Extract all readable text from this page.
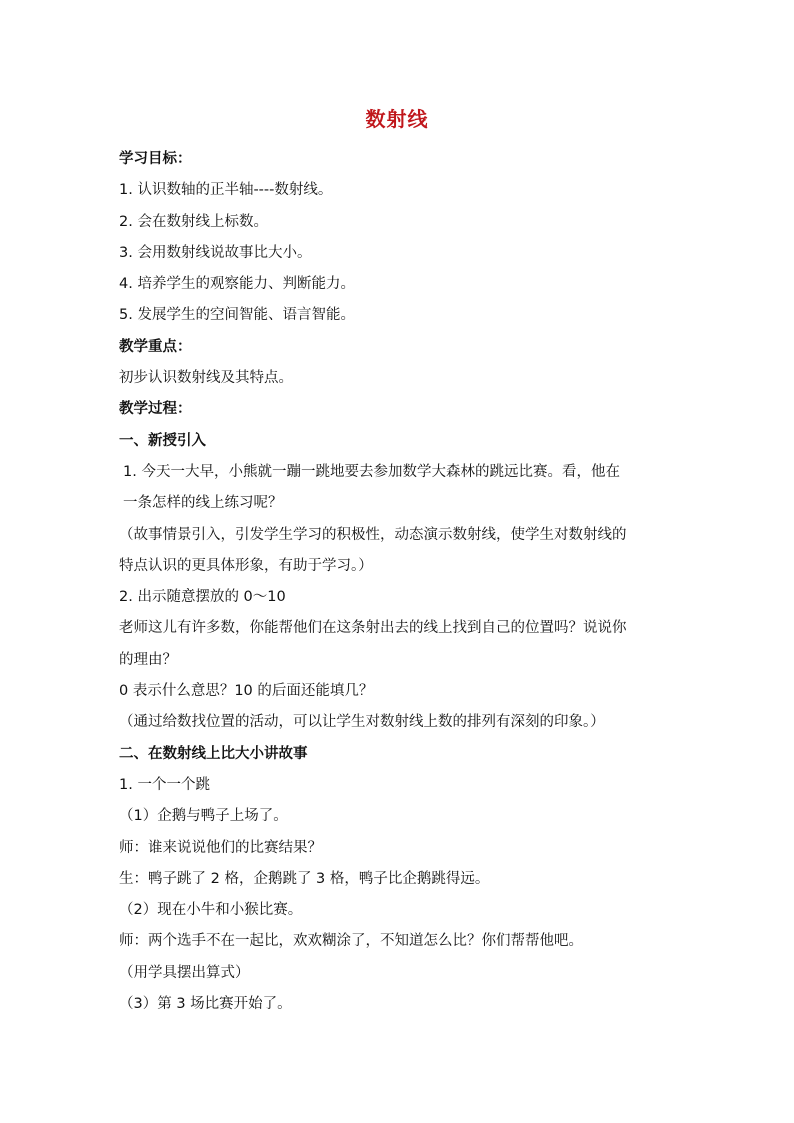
数射线
学习目标：
1. 认识数轴的正半轴----数射线。
2. 会在数射线上标数。
3. 会用数射线说故事比大小。
4. 培养学生的观察能力、判断能力。
5. 发展学生的空间智能、语言智能。
教学重点：
初步认识数射线及其特点。
教学过程：
一、新授引入
1. 今天一大早，小熊就一蹦一跳地要去参加数学大森林的跳远比赛。看，他在
一条怎样的线上练习呢？
（故事情景引入，引发学生学习的积极性，动态演示数射线，使学生对数射线的
特点认识的更具体形象，有助于学习。）
2. 出示随意摆放的 0～10
老师这儿有许多数，你能帮他们在这条射出去的线上找到自己的位置吗？说说你
的理由？
0 表示什么意思？10 的后面还能填几？
（通过给数找位置的活动，可以让学生对数射线上数的排列有深刻的印象。）
二、在数射线上比大小讲故事
1. 一个一个跳
（1）企鹅与鸭子上场了。
师：谁来说说他们的比赛结果？
生：鸭子跳了 2 格，企鹅跳了 3 格，鸭子比企鹅跳得远。
（2）现在小牛和小猴比赛。
师：两个选手不在一起比，欢欢糊涂了，不知道怎么比？你们帮帮他吧。
（用学具摆出算式）
（3）第 3 场比赛开始了。
